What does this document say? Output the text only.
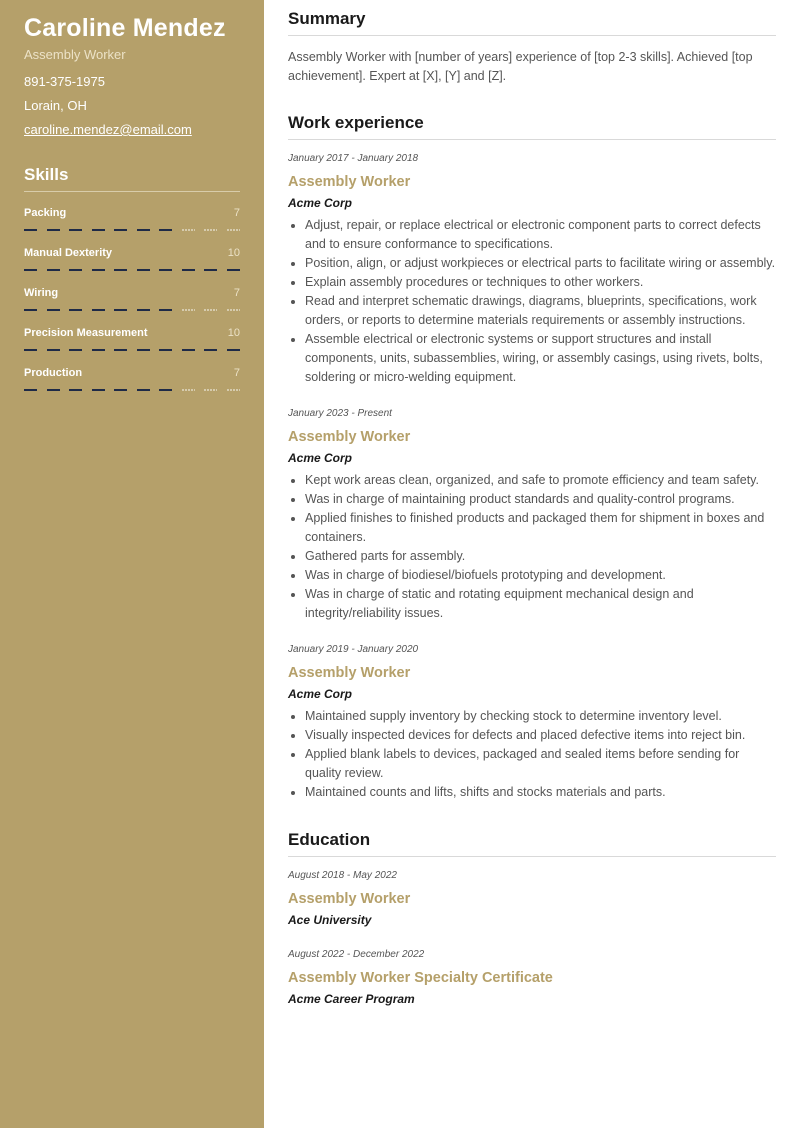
Caroline Mendez
Assembly Worker
891-375-1975
Lorain, OH
caroline.mendez@email.com
Skills
Packing	7
Manual Dexterity	10
Wiring	7
Precision Measurement	10
Production	7
Summary
Assembly Worker with [number of years] experience of [top 2-3 skills]. Achieved [top achievement]. Expert at [X], [Y] and [Z].
Work experience
January 2017 - January 2018
Assembly Worker
Acme Corp
• Adjust, repair, or replace electrical or electronic component parts to correct defects and to ensure conformance to specifications.
• Position, align, or adjust workpieces or electrical parts to facilitate wiring or assembly.
• Explain assembly procedures or techniques to other workers.
• Read and interpret schematic drawings, diagrams, blueprints, specifications, work orders, or reports to determine materials requirements or assembly instructions.
• Assemble electrical or electronic systems or support structures and install components, units, subassemblies, wiring, or assembly casings, using rivets, bolts, soldering or micro-welding equipment.
January 2023 - Present
Assembly Worker
Acme Corp
• Kept work areas clean, organized, and safe to promote efficiency and team safety.
• Was in charge of maintaining product standards and quality-control programs.
• Applied finishes to finished products and packaged them for shipment in boxes and containers.
• Gathered parts for assembly.
• Was in charge of biodiesel/biofuels prototyping and development.
• Was in charge of static and rotating equipment mechanical design and integrity/reliability issues.
January 2019 - January 2020
Assembly Worker
Acme Corp
• Maintained supply inventory by checking stock to determine inventory level.
• Visually inspected devices for defects and placed defective items into reject bin.
• Applied blank labels to devices, packaged and sealed items before sending for quality review.
• Maintained counts and lifts, shifts and stocks materials and parts.
Education
August 2018 - May 2022
Assembly Worker
Ace University
August 2022 - December 2022
Assembly Worker Specialty Certificate
Acme Career Program
